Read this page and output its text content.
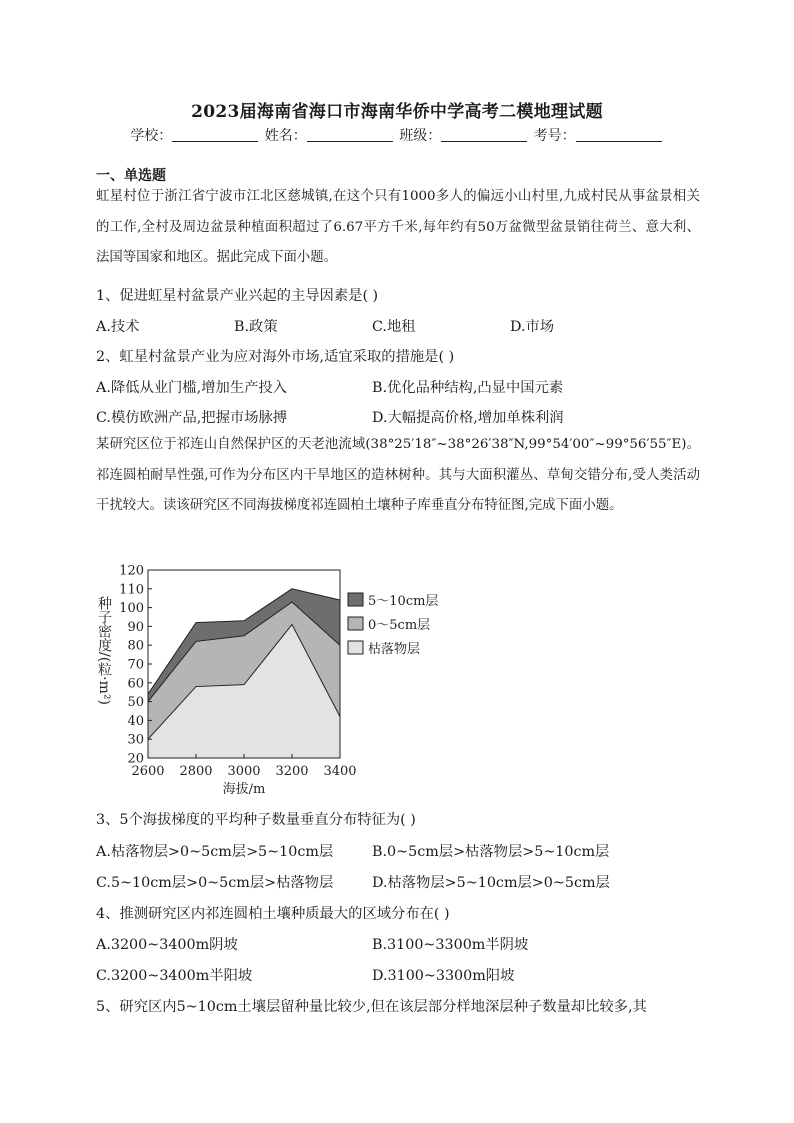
2023届海南省海口市海南华侨中学高考二模地理试题
学校：	姓名：	班级：	考号：
一、单选题
虹星村位于浙江省宁波市江北区慈城镇,在这个只有1000多人的偏远小山村里,九成村民从事盆景相关的工作,全村及周边盆景种植面积超过了6.67平方千米,每年约有50万盆微型盆景销往荷兰、意大利、法国等国家和地区。据此完成下面小题。
1、促进虹星村盆景产业兴起的主导因素是( )
A.技术	B.政策	C.地租	D.市场
2、虹星村盆景产业为应对海外市场,适宜采取的措施是( )
A.降低从业门槛,增加生产投入	B.优化品种结构,凸显中国元素
C.模仿欧洲产品,把握市场脉搏	D.大幅提高价格,增加单株利润
某研究区位于祁连山自然保护区的天老池流域(38°25′18″~38°26′38″N,99°54′00″~99°56′55″E)。祁连圆柏耐旱性强,可作为分布区内干旱地区的造林树种。其与大面积灌丛、草甸交错分布,受人类活动干扰较大。读该研究区不同海拔梯度祁连圆柏土壤种子库垂直分布特征图,完成下面小题。
20
30
40
50
60
70
80
90
100
110
120
2600 2800 3000 3200 3400
种子密度/(粒·m²)
海拔/m
5～10cm层
0～5cm层
枯落物层
3、5个海拔梯度的平均种子数量垂直分布特征为( )
A.枯落物层>0~5cm层>5~10cm层	B.0~5cm层>枯落物层>5~10cm层
C.5~10cm层>0~5cm层>枯落物层	D.枯落物层>5~10cm层>0~5cm层
4、推测研究区内祁连圆柏土壤种质最大的区域分布在( )
A.3200~3400m阴坡	B.3100~3300m半阴坡
C.3200~3400m半阳坡	D.3100~3300m阳坡
5、研究区内5~10cm土壤层留种量比较少,但在该层部分样地深层种子数量却比较多,其
